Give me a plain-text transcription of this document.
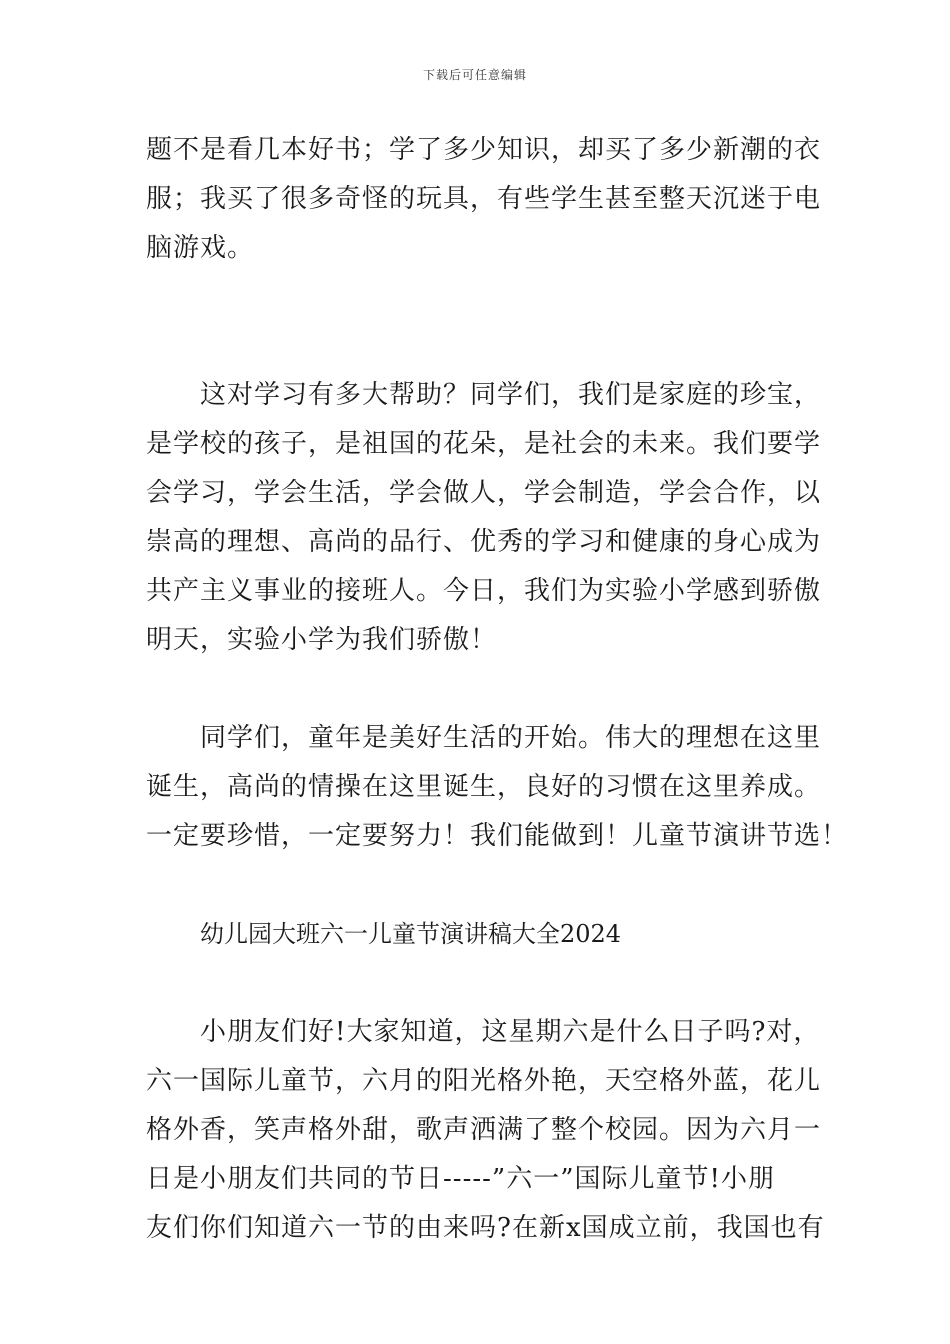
下载后可任意编辑

题不是看几本好书；学了多少知识，却买了多少新潮的衣
服；我买了很多奇怪的玩具，有些学生甚至整天沉迷于电
脑游戏。

这对学习有多大帮助？同学们，我们是家庭的珍宝，
是学校的孩子，是祖国的花朵，是社会的未来。我们要学
会学习，学会生活，学会做人，学会制造，学会合作，以
崇高的理想、高尚的品行、优秀的学习和健康的身心成为
共产主义事业的接班人。今日，我们为实验小学感到骄傲
明天，实验小学为我们骄傲！

同学们，童年是美好生活的开始。伟大的理想在这里
诞生，高尚的情操在这里诞生，良好的习惯在这里养成。
一定要珍惜，一定要努力！我们能做到！儿童节演讲节选！

幼儿园大班六一儿童节演讲稿大全2024

小朋友们好!大家知道，这星期六是什么日子吗?对，
六一国际儿童节，六月的阳光格外艳，天空格外蓝，花儿
格外香，笑声格外甜，歌声洒满了整个校园。因为六月一
日是小朋友们共同的节日-----”六一”国际儿童节!小朋
友们你们知道六一节的由来吗?在新x国成立前，我国也有
